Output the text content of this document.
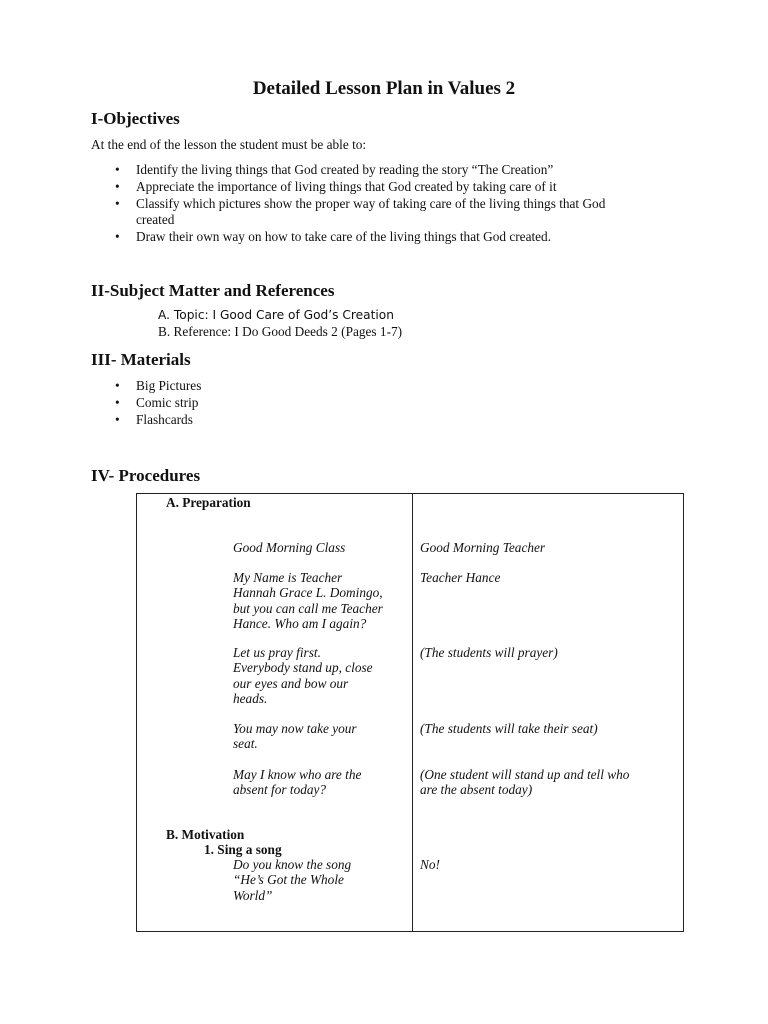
Detailed Lesson Plan in Values 2
I-Objectives
At the end of the lesson the student must be able to:
• Identify the living things that God created by reading the story “The Creation”
• Appreciate the importance of living things that God created by taking care of it
• Classify which pictures show the proper way of taking care of the living things that God
created
• Draw their own way on how to take care of the living things that God created.
II-Subject Matter and References
A. Topic: I Good Care of God’s Creation
B. Reference: I Do Good Deeds 2 (Pages 1-7)
III- Materials
• Big Pictures
• Comic strip
• Flashcards
IV- Procedures
A. Preparation
Good Morning Class	Good Morning Teacher
My Name is Teacher
Hannah Grace L. Domingo,
but you can call me Teacher
Hance. Who am I again?
Teacher Hance
Let us pray first.
Everybody stand up, close
our eyes and bow our
heads.
(The students will prayer)
You may now take your
seat.
(The students will take their seat)
May I know who are the
absent for today?
(One student will stand up and tell who
are the absent today)
B. Motivation
1. Sing a song
Do you know the song
“He’s Got the Whole
World”
No!
